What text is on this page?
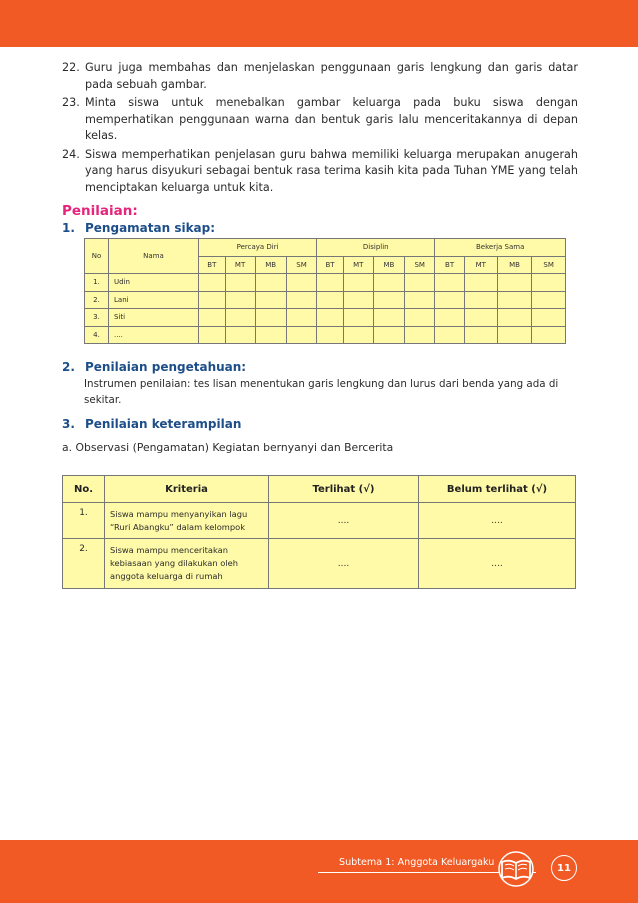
22. Guru juga membahas dan menjelaskan penggunaan garis lengkung dan garis datar pada sebuah gambar.
23. Minta siswa untuk menebalkan gambar keluarga pada buku siswa dengan memperhatikan penggunaan warna dan bentuk garis lalu menceritakannya di depan kelas.
24. Siswa memperhatikan penjelasan guru bahwa memiliki keluarga merupakan anugerah yang harus disyukuri sebagai bentuk rasa terima kasih kita pada Tuhan YME yang telah menciptakan keluarga untuk kita.
Penilaian:
1. Pengamatan sikap:
No	Nama	Percaya Diri				Disiplin				Bekerja Sama			
		BT	MT	MB	SM	BT	MT	MB	SM	BT	MT	MB	SM
1.	Udin												
2.	Lani												
3.	Siti												
4.	....												
2. Penilaian pengetahuan:
Instrumen penilaian: tes lisan menentukan garis lengkung dan lurus dari benda yang ada di sekitar.
3. Penilaian keterampilan
a. Observasi (Pengamatan) Kegiatan bernyanyi dan Bercerita
No.	Kriteria	Terlihat (√)	Belum terlihat (√)
1.	Siswa mampu menyanyikan lagu “Ruri Abangku” dalam kelompok	....	....
2.	Siswa mampu menceritakan kebiasaan yang dilakukan oleh anggota keluarga di rumah	....	....
Subtema 1: Anggota Keluargaku	11
